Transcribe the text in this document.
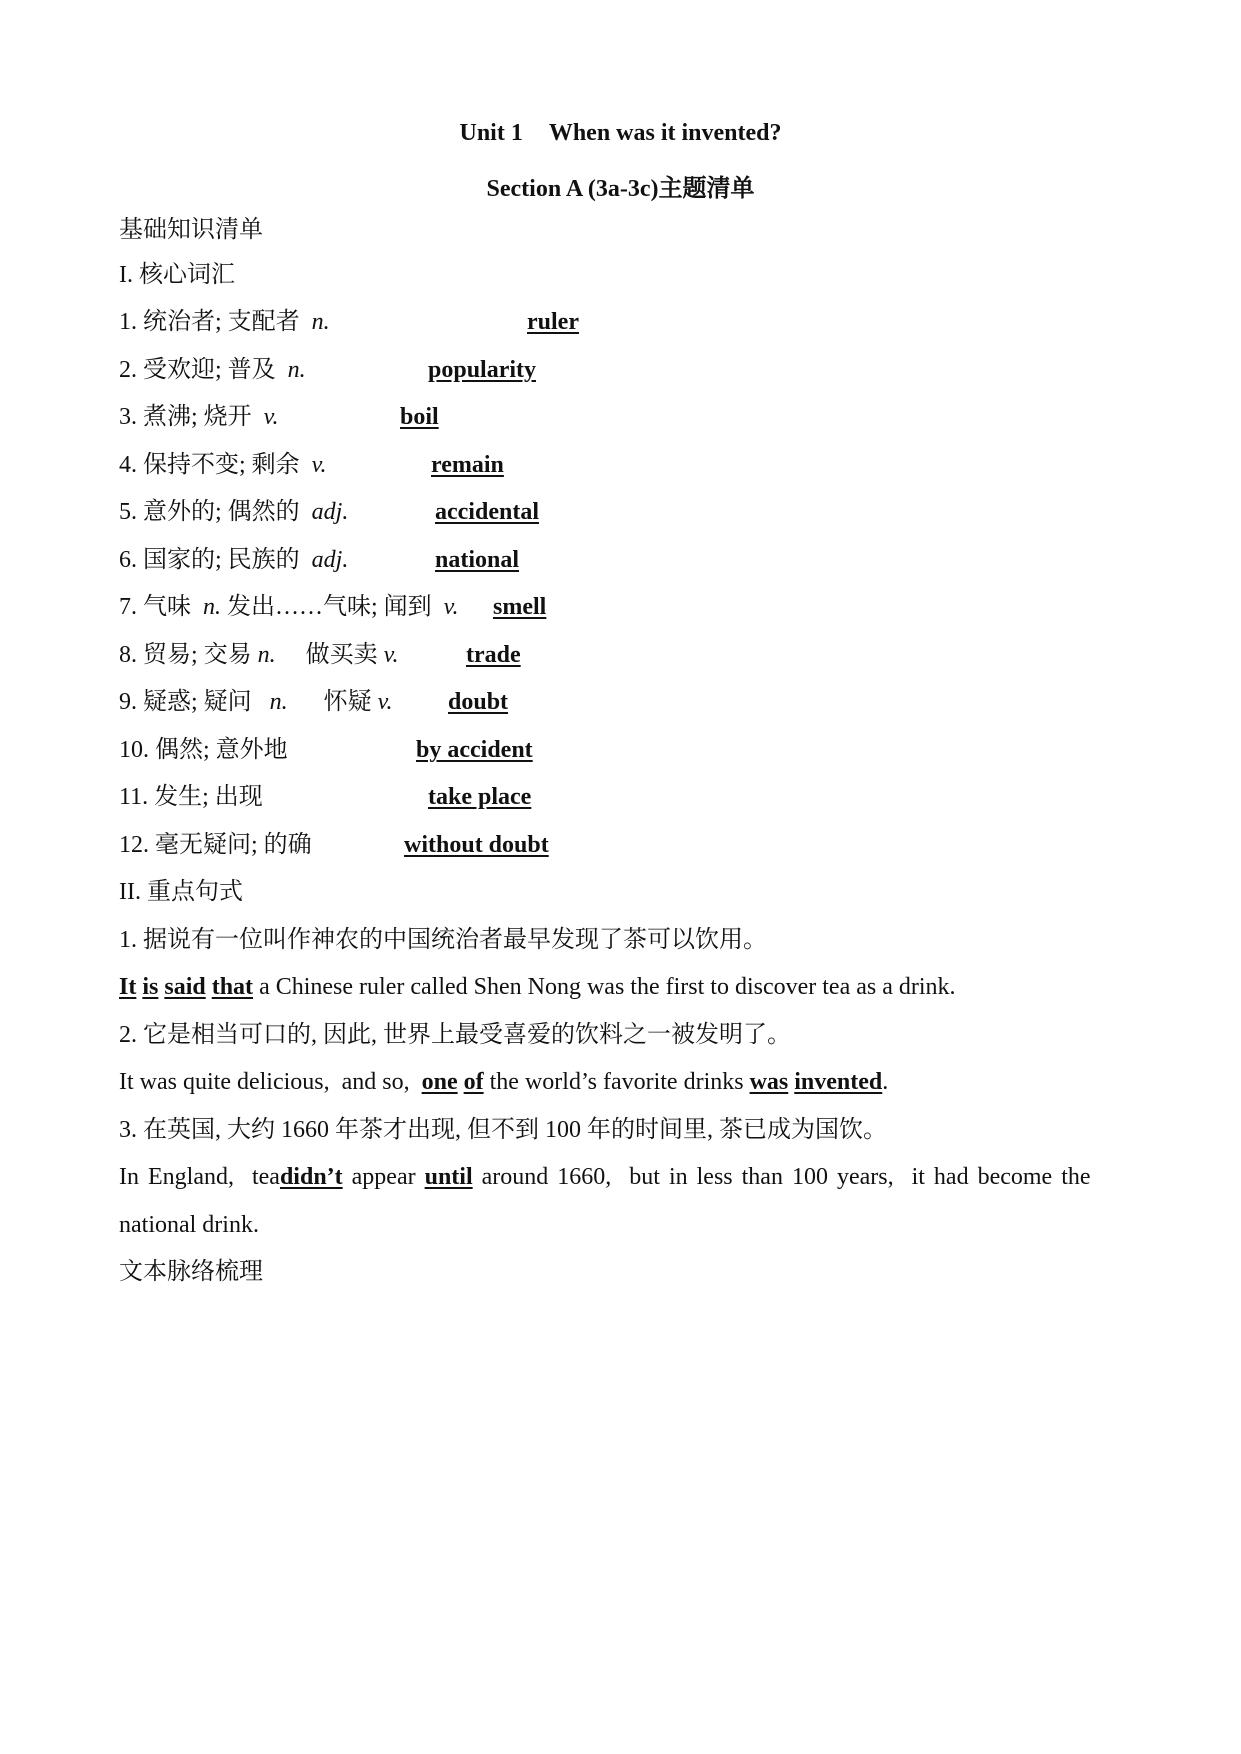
Unit 1 When was it invented?
Section A (3a-3c)主题清单
基础知识清单
I. 核心词汇
1. 统治者; 支配者 n.	ruler
2. 受欢迎; 普及 n.	popularity
3. 煮沸; 烧开 v.	boil
4. 保持不变; 剩余 v.	remain
5. 意外的; 偶然的 adj.	accidental
6. 国家的; 民族的 adj.	national
7. 气味 n. 发出……气味; 闻到 v. smell
8. 贸易; 交易 n. 做买卖 v.	trade
9. 疑惑; 疑问 n. 怀疑 v. doubt
10. 偶然; 意外地	by accident
11. 发生; 出现	take place
12. 毫无疑问; 的确	without doubt
II. 重点句式
1. 据说有一位叫作神农的中国统治者最早发现了茶可以饮用。
It is said that a Chinese ruler called Shen Nong was the first to discover tea as a drink.
2. 它是相当可口的, 因此, 世界上最受喜爱的饮料之一被发明了。
It was quite delicious,  and so,  one of the world’s favorite drinks was invented.
3. 在英国, 大约 1660 年茶才出现, 但不到 100 年的时间里, 茶已成为国饮。
In England,  teadidn’t appear until around 1660,  but in less than 100 years,  it had become the
national drink.
文本脉络梳理
